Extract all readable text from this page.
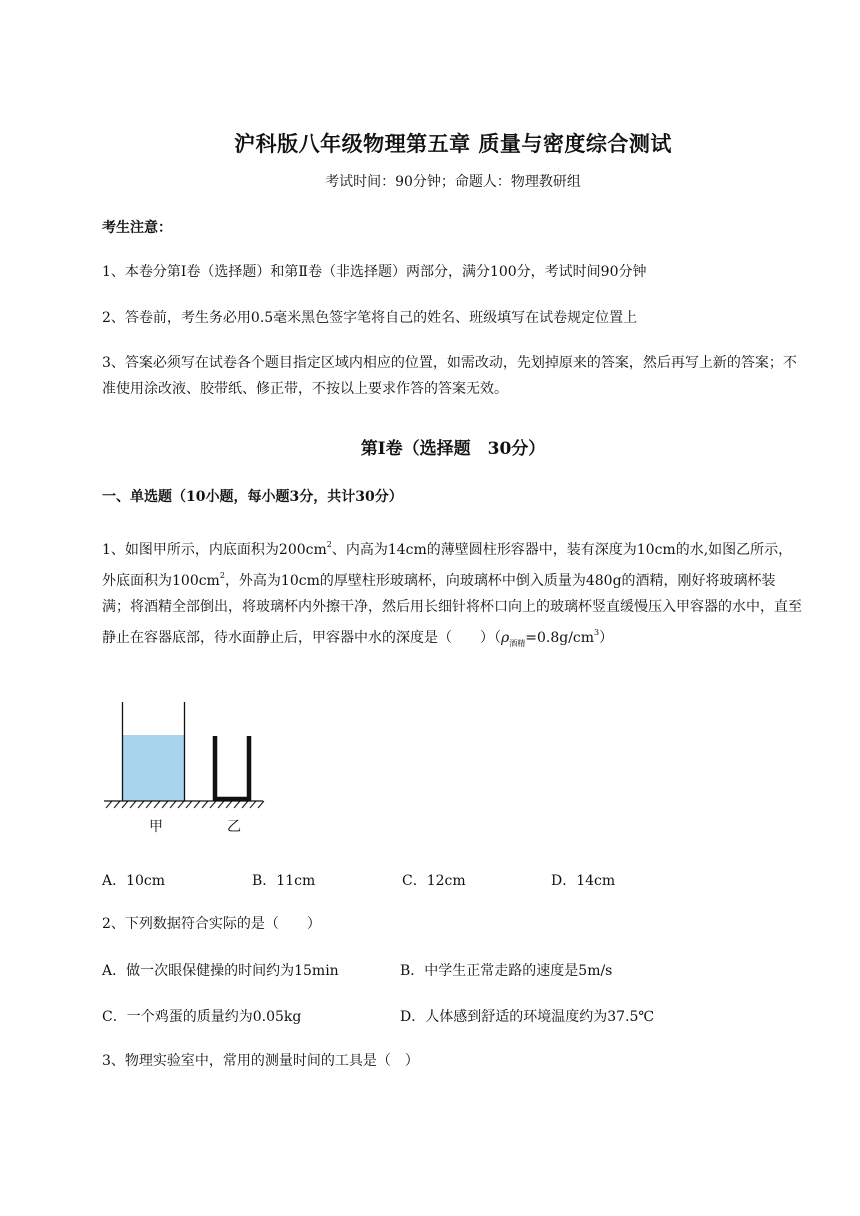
沪科版八年级物理第五章 质量与密度综合测试
考试时间：90分钟；命题人：物理教研组
考生注意：
1、本卷分第Ⅰ卷（选择题）和第Ⅱ卷（非选择题）两部分，满分100分，考试时间90分钟
2、答卷前，考生务必用0.5毫米黑色签字笔将自己的姓名、班级填写在试卷规定位置上
3、答案必须写在试卷各个题目指定区域内相应的位置，如需改动，先划掉原来的答案，然后再写上新的答案；不准使用涂改液、胶带纸、修正带，不按以上要求作答的答案无效。
第Ⅰ卷（选择题　30分）
一、单选题（10小题，每小题3分，共计30分）
1、如图甲所示，内底面积为$200cm^2$、内高为14cm的薄壁圆柱形容器中，装有深度为10cm的水,如图乙所示，外底面积为$100cm^2$，外高为10cm的厚壁柱形玻璃杯，向玻璃杯中倒入质量为480g的酒精，刚好将玻璃杯装满；将酒精全部倒出，将玻璃杯内外擦干净，然后用长细针将杯口向上的玻璃杯竖直缓慢压入甲容器的水中，直至静止在容器底部，待水面静止后，甲容器中水的深度是（　　）$(\rho_{酒精}=0.8g/cm^3)$
甲	乙
A．10cm	B．11cm	C．12cm	D．14cm
2、下列数据符合实际的是（　　）
A．做一次眼保健操的时间约为15min	B．中学生正常走路的速度是5m/s
C．一个鸡蛋的质量约为0.05kg	D．人体感到舒适的环境温度约为37.5℃
3、物理实验室中，常用的测量时间的工具是（　）
